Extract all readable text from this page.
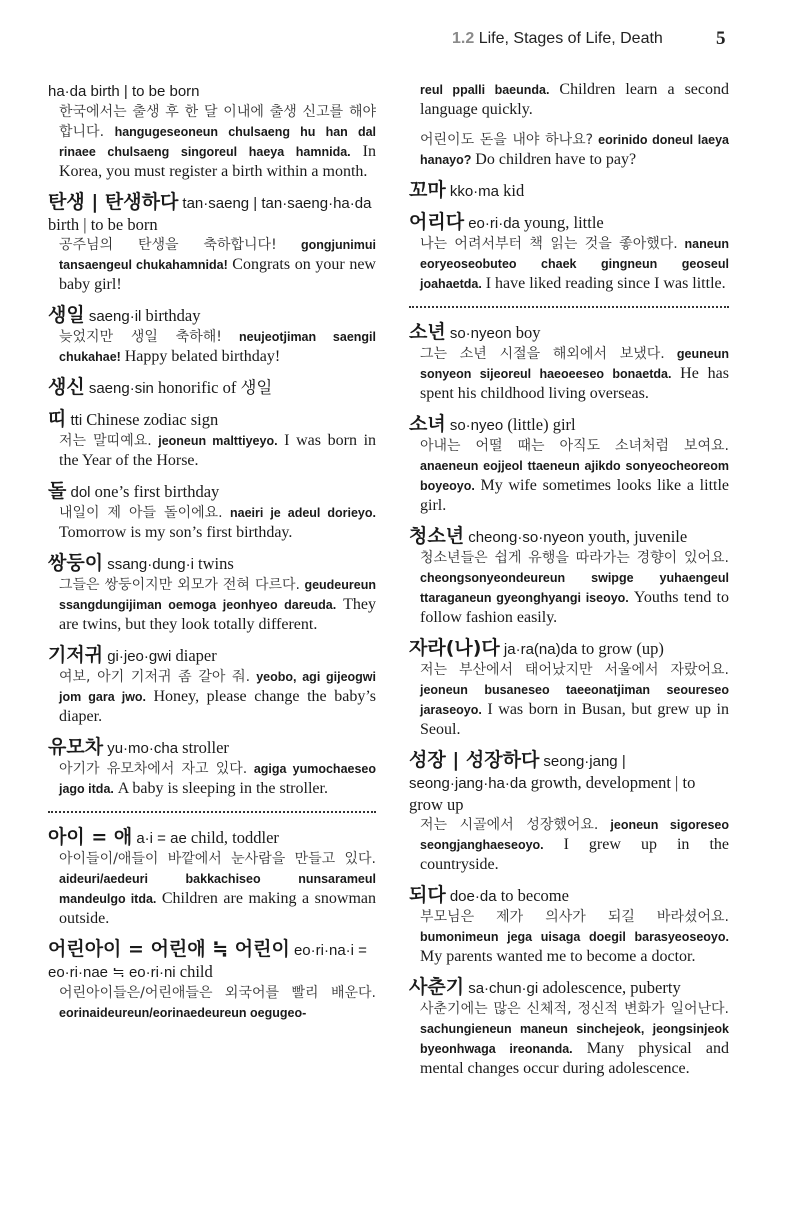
1.2 Life, Stages of Life, Death	5
ha·da birth | to be born
한국에서는 출생 후 한 달 이내에 출생 신고를 해야 합니다. hangugeseoneun chulsaeng hu han dal rinaee chulsaeng singoreul haeya hamnida. In Korea, you must register a birth within a month.
탄생 | 탄생하다 tan·saeng | tan·saeng·ha·da birth | to be born
공주님의 탄생을 축하합니다! gongjunimui tansaengeul chukahamnida! Congrats on your new baby girl!
생일 saeng·il birthday
늦었지만 생일 축하해! neujeotjiman saengil chukahae! Happy belated birthday!
생신 saeng·sin honorific of 생일
띠 tti Chinese zodiac sign
저는 말띠예요. jeoneun malttiyeyo. I was born in the Year of the Horse.
돌 dol one’s first birthday
내일이 제 아들 돌이에요. naeiri je adeul dorieyo. Tomorrow is my son’s first birthday.
쌍둥이 ssang·dung·i twins
그들은 쌍둥이지만 외모가 전혀 다르다. geudeureun ssangdungijiman oemoga jeonhyeo dareuda. They are twins, but they look totally different.
기저귀 gi·jeo·gwi diaper
여보, 아기 기저귀 좀 갈아 줘. yeobo, agi gijeogwi jom gara jwo. Honey, please change the baby’s diaper.
유모차 yu·mo·cha stroller
아기가 유모차에서 자고 있다. agiga yumochaeseo jago itda. A baby is sleeping in the stroller.
아이 = 애 a·i = ae child, toddler
아이들이/애들이 바깥에서 눈사람을 만들고 있다. aideuri/aedeuri bakkachiseo nunsarameul mandeulgo itda. Children are making a snowman outside.
어린아이 = 어린애 ≒ 어린이 eo·ri·na·i = eo·ri·nae ≒ eo·ri·ni child
어린아이들은/어린애들은 외국어를 빨리 배운다. eorinaideureun/eorinaedeureun oegugeo-
reul ppalli baeunda. Children learn a second language quickly.
어린이도 돈을 내야 하나요? eorinido doneul laeya hanayo? Do children have to pay?
꼬마 kko·ma kid
어리다 eo·ri·da young, little
나는 어려서부터 책 읽는 것을 좋아했다. naneun eoryeoseobuteo chaek gingneun geoseul joahaetda. I have liked reading since I was little.
소년 so·nyeon boy
그는 소년 시절을 해외에서 보냈다. geuneun sonyeon sijeoreul haeoeeseo bonaetda. He has spent his childhood living overseas.
소녀 so·nyeo (little) girl
아내는 어떨 때는 아직도 소녀처럼 보여요. anaeneun eojjeol ttaeneun ajikdo sonyeocheoreom boyeoyo. My wife sometimes looks like a little girl.
청소년 cheong·so·nyeon youth, juvenile
청소년들은 쉽게 유행을 따라가는 경향이 있어요. cheongsonyeondeureun swipge yuhaengeul ttaraganeun gyeonghyangi iseoyo. Youths tend to follow fashion easily.
자라(나)다 ja·ra(na)da to grow (up)
저는 부산에서 태어났지만 서울에서 자랐어요. jeoneun busaneseo taeeonatjiman seoureseo jaraseoyo. I was born in Busan, but grew up in Seoul.
성장 | 성장하다 seong·jang | seong·jang·ha·da growth, development | to grow up
저는 시골에서 성장했어요. jeoneun sigoreseo seongjanghaeseoyo. I grew up in the countryside.
되다 doe·da to become
부모님은 제가 의사가 되길 바라셨어요. bumonimeun jega uisaga doegil barasyeoseoyo. My parents wanted me to become a doctor.
사춘기 sa·chun·gi adolescence, puberty
사춘기에는 많은 신체적, 정신적 변화가 일어난다. sachungieneun maneun sinchejeok, jeongsinjeok byeonhwaga ireonanda. Many physical and mental changes occur during adolescence.
